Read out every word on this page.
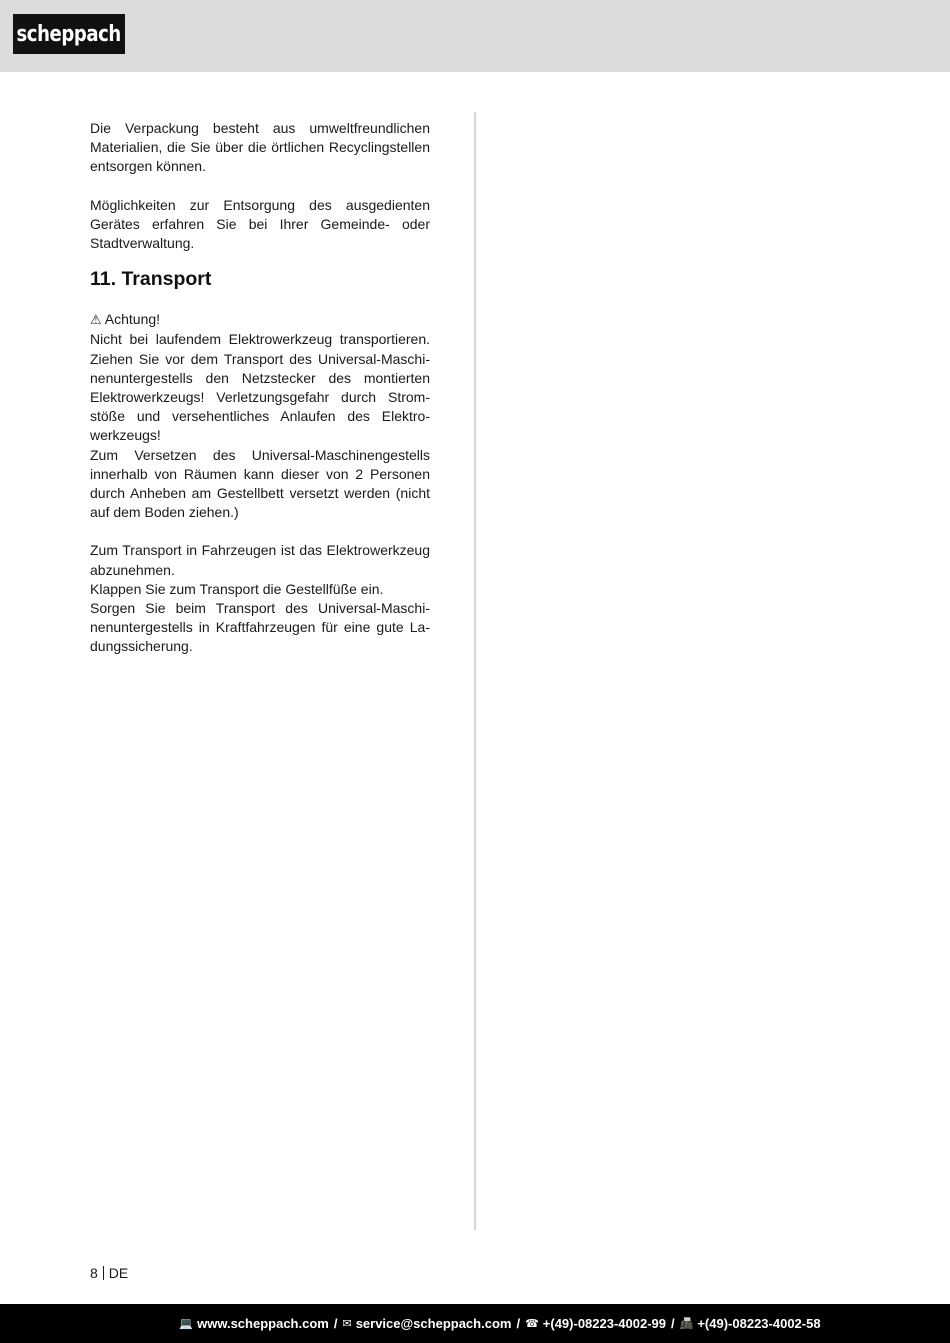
scheppach

Die Verpackung besteht aus umweltfreundlichen Materialien, die Sie über die örtlichen Recyclingstellen entsorgen können.

Möglichkeiten zur Entsorgung des ausgedienten Gerätes erfahren Sie bei Ihrer Gemeinde- oder Stadtverwaltung.

11. Transport

⚠ Achtung!

Nicht bei laufendem Elektrowerkzeug transportieren. Ziehen Sie vor dem Transport des Universal-Maschinenuntergestells den Netzstecker des montierten Elektrowerkzeugs! Verletzungsgefahr durch Stromstöße und versehentliches Anlaufen des Elektrowerkzeugs!

Zum Versetzen des Universal-Maschinengestells innerhalb von Räumen kann dieser von 2 Personen durch Anheben am Gestellbett versetzt werden (nicht auf dem Boden ziehen.)

Zum Transport in Fahrzeugen ist das Elektrowerkzeug abzunehmen.

Klappen Sie zum Transport die Gestellfüße ein.

Sorgen Sie beim Transport des Universal-Maschinenuntergestells in Kraftfahrzeugen für eine gute Ladungssicherung.

8 DE
💻 www.scheppach.com / ✉ service@scheppach.com / ☎ +(49)-08223-4002-99 / 📠 +(49)-08223-4002-58
